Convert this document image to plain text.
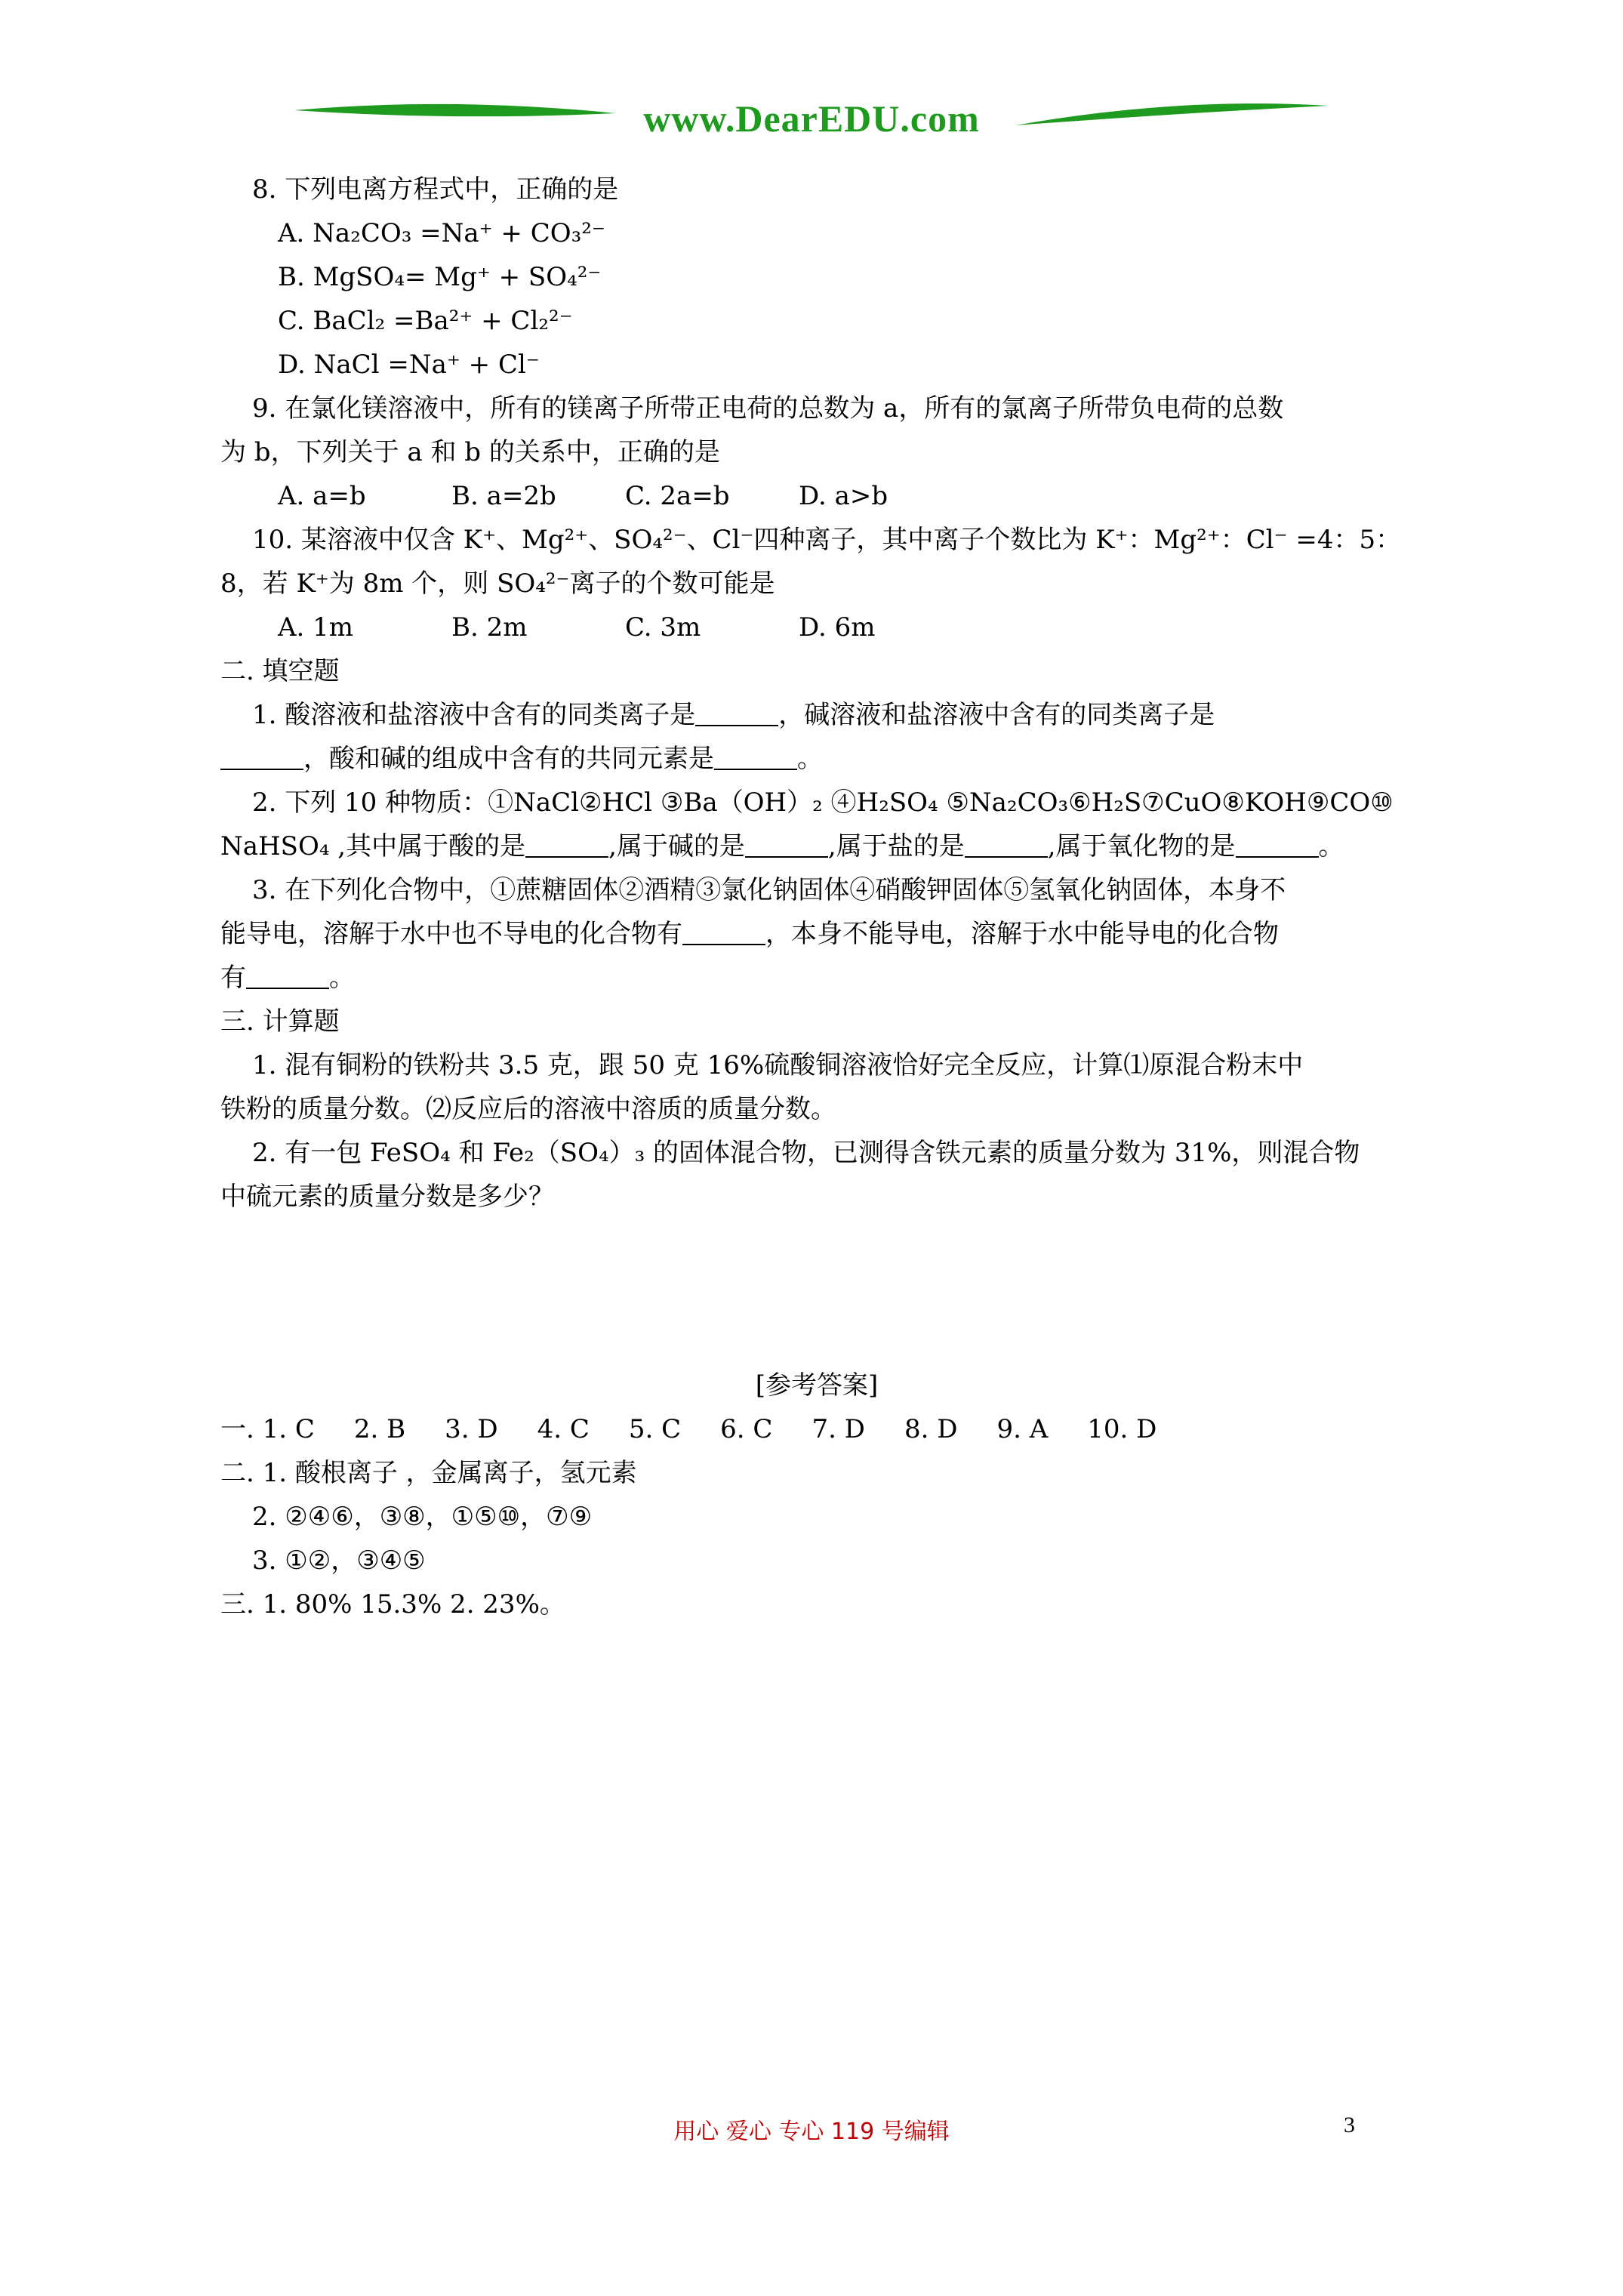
www.DearEDU.com
8. 下列电离方程式中，正确的是
A. Na₂CO₃ =Na⁺ + CO₃²⁻
B. MgSO₄= Mg⁺ + SO₄²⁻
C. BaCl₂ =Ba²⁺ + Cl₂²⁻
D. NaCl =Na⁺ + Cl⁻
9. 在氯化镁溶液中，所有的镁离子所带正电荷的总数为 a，所有的氯离子所带负电荷的总数
为 b，下列关于 a 和 b 的关系中，正确的是
A. a=b	B. a=2b	C. 2a=b	D. a>b
10. 某溶液中仅含 K⁺、Mg²⁺、SO₄²⁻、Cl⁻四种离子，其中离子个数比为 K⁺：Mg²⁺：Cl⁻ =4：5：
8，若 K⁺为 8m 个，则 SO₄²⁻离子的个数可能是
A. 1m	B. 2m	C. 3m	D. 6m
二. 填空题
1. 酸溶液和盐溶液中含有的同类离子是	，碱溶液和盐溶液中含有的同类离子是
，酸和碱的组成中含有的共同元素是	。
2. 下列 10 种物质：①NaCl②HCl ③Ba（OH）₂ ④H₂SO₄ ⑤Na₂CO₃⑥H₂S⑦CuO⑧KOH⑨CO⑩
NaHSO₄ ,其中属于酸的是	,属于碱的是	,属于盐的是	,属于氧化物的是	。
3. 在下列化合物中，①蔗糖固体②酒精③氯化钠固体④硝酸钾固体⑤氢氧化钠固体，本身不
能导电，溶解于水中也不导电的化合物有	，本身不能导电，溶解于水中能导电的化合物
有	。
三. 计算题
1. 混有铜粉的铁粉共 3.5 克，跟 50 克 16%硫酸铜溶液恰好完全反应，计算⑴原混合粉末中
铁粉的质量分数。⑵反应后的溶液中溶质的质量分数。
2. 有一包 FeSO₄ 和 Fe₂（SO₄）₃ 的固体混合物，已测得含铁元素的质量分数为 31%，则混合物
中硫元素的质量分数是多少？
[参考答案]
一. 1. C 2. B 3. D 4. C 5. C 6. C 7. D 8. D 9. A 10. D
二. 1. 酸根离子 ，金属离子，氢元素
2. ②④⑥，③⑧，①⑤⑩，⑦⑨
3. ①②，③④⑤
三. 1. 80% 15.3% 2. 23%。
用心 爱心 专心 119 号编辑	3
